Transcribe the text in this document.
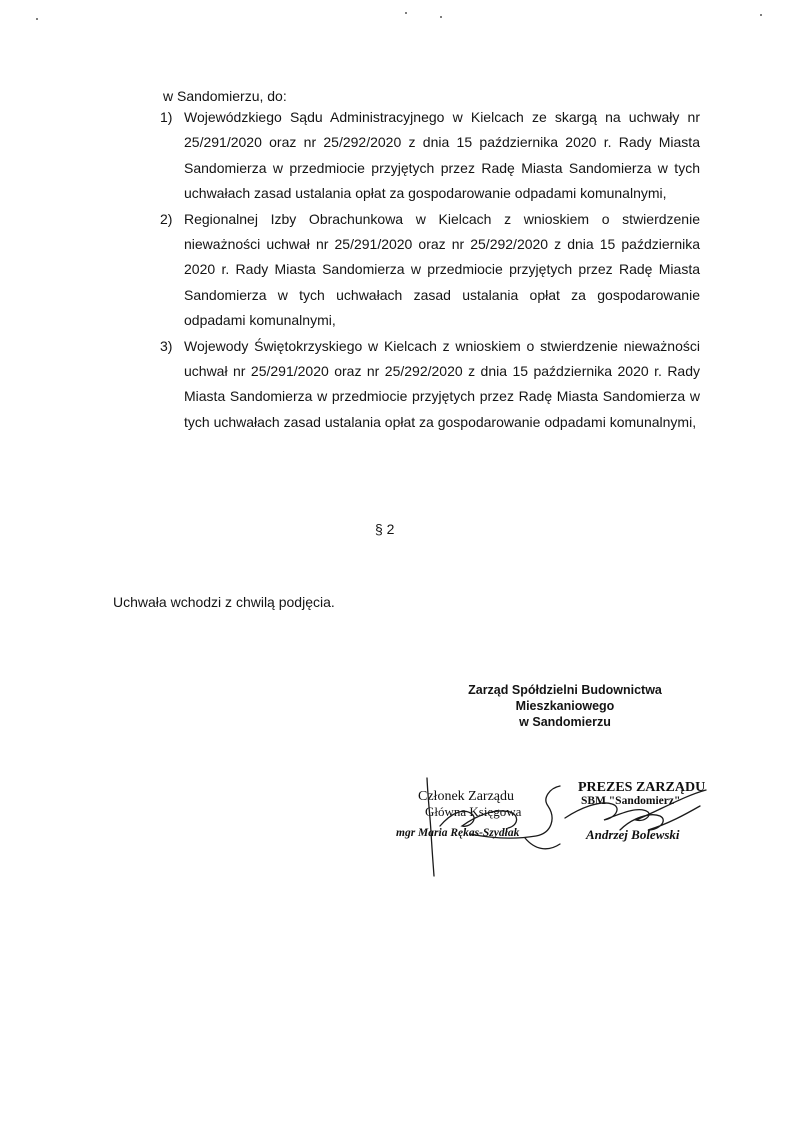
w Sandomierzu, do:
1) Wojewódzkiego Sądu Administracyjnego w Kielcach ze skargą na uchwały nr 25/291/2020 oraz nr 25/292/2020 z dnia 15 października 2020 r. Rady Miasta Sandomierza w przedmiocie przyjętych przez Radę Miasta Sandomierza w tych uchwałach zasad ustalania opłat za gospodarowanie odpadami komunalnymi,
2) Regionalnej Izby Obrachunkowa w Kielcach z wnioskiem o stwierdzenie nieważności uchwał nr 25/291/2020 oraz nr 25/292/2020 z dnia 15 października 2020 r. Rady Miasta Sandomierza w przedmiocie przyjętych przez Radę Miasta Sandomierza w tych uchwałach zasad ustalania opłat za gospodarowanie odpadami komunalnymi,
3) Wojewody Świętokrzyskiego w Kielcach z wnioskiem o stwierdzenie nieważności uchwał nr 25/291/2020 oraz nr 25/292/2020 z dnia 15 października 2020 r. Rady Miasta Sandomierza w przedmiocie przyjętych przez Radę Miasta Sandomierza w tych uchwałach zasad ustalania opłat za gospodarowanie odpadami komunalnymi,
§ 2
Uchwała wchodzi z chwilą podjęcia.
Zarząd Spółdzielni Budownictwa
Mieszkaniowego
w Sandomierzu
Członek Zarządu
Główna Księgowa
mgr Maria Rękas-Szydłak
PREZES ZARZĄDU
SBM "Sandomierz"
Andrzej Bolewski
